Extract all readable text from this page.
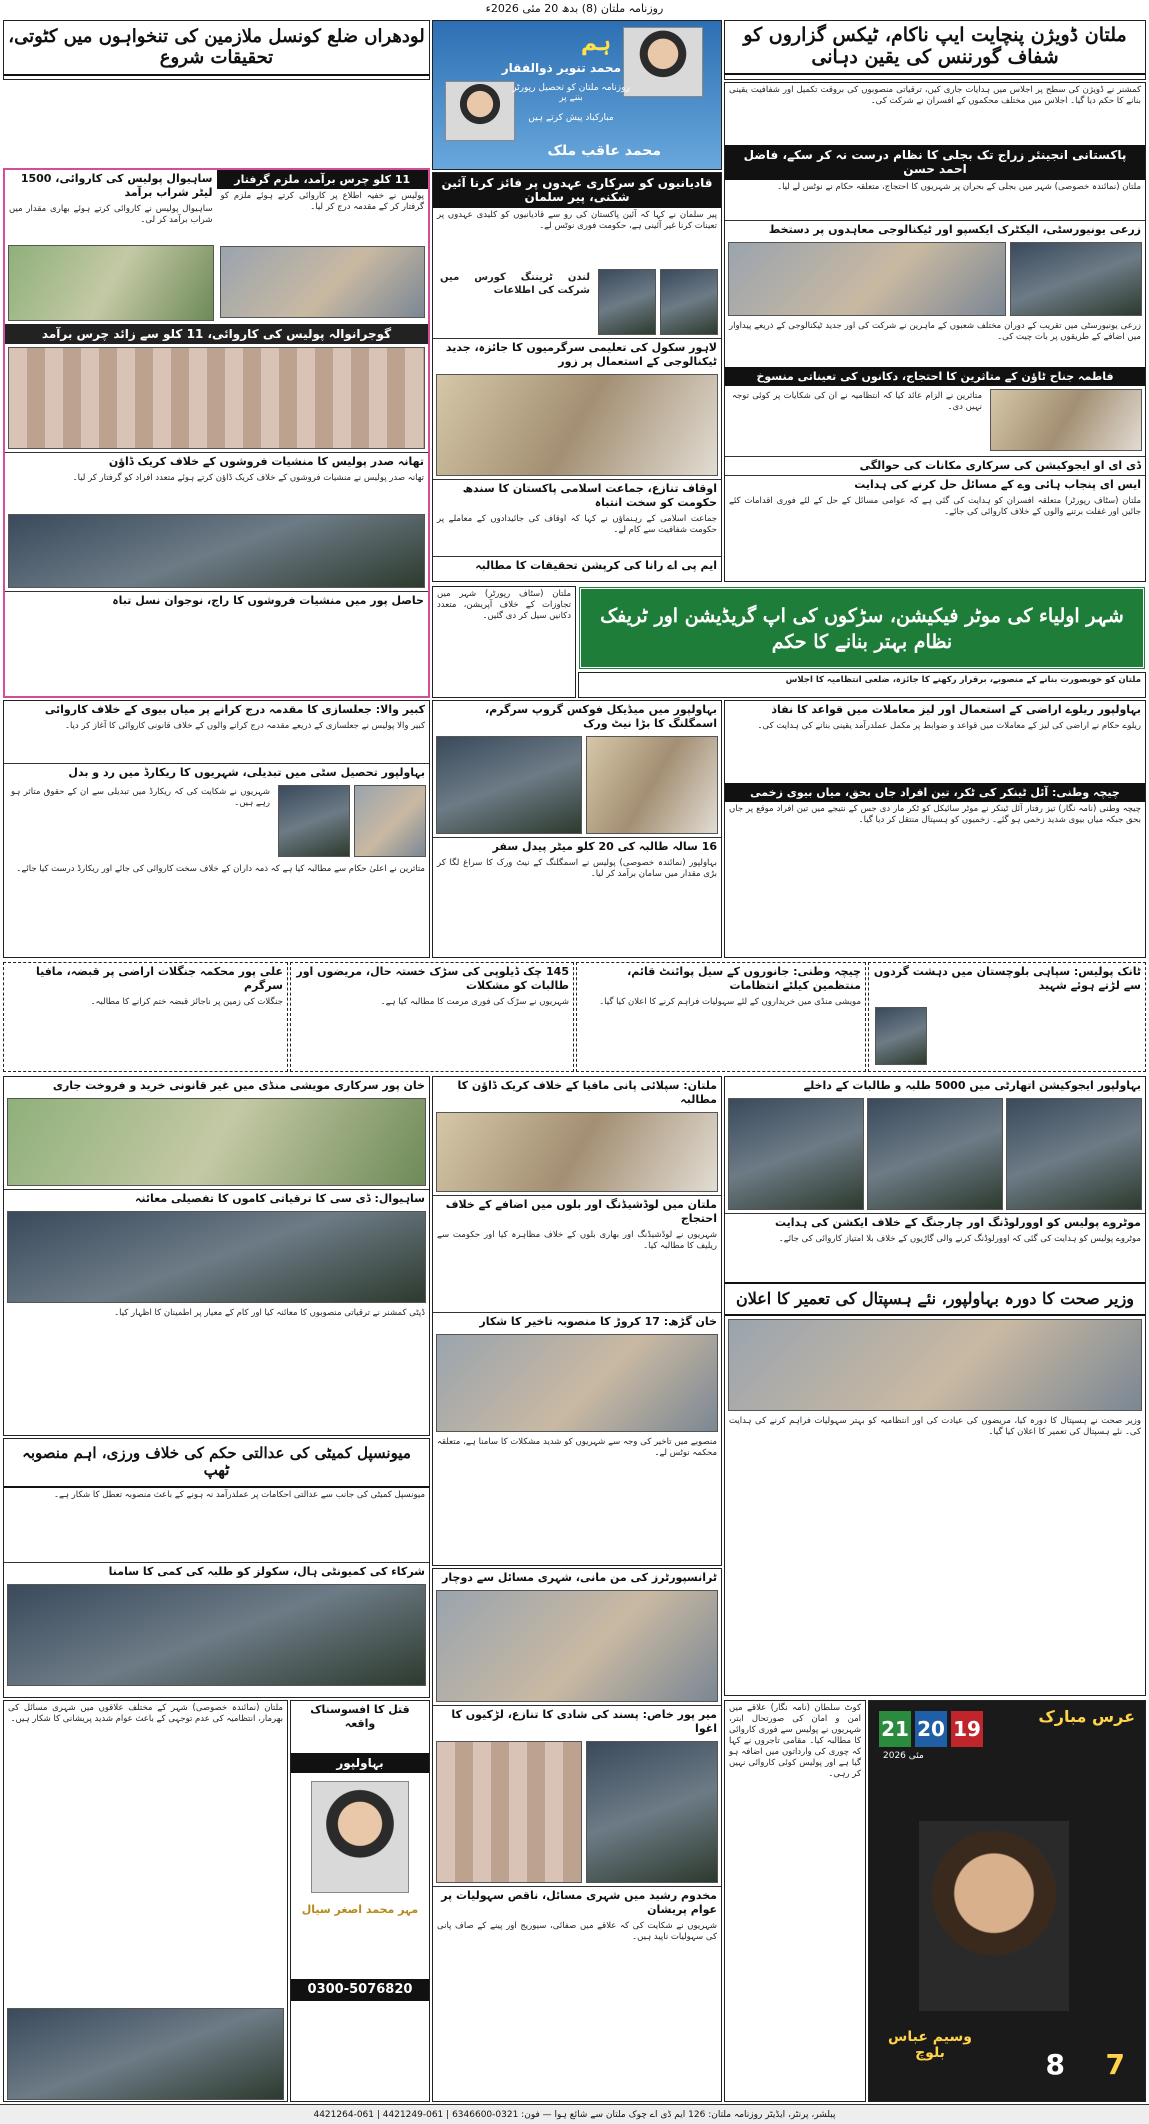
روزنامہ ملتان (8) بدھ 20 مئی 2026ء
ملتان ڈویژن پنچایت ایپ ناکام، ٹیکس گزاروں کو شفاف گورننس کی یقین دہانی
ہم
محمد تنویر ذوالفقار
روزنامہ ملتان کو تحصیل رپورٹر بننے پر
مبارکباد پیش کرتے ہیں
محمد عاقب ملک
لودھراں ضلع کونسل ملازمین کی تنخواہوں میں کٹوتی، تحقیقات شروع
کمشنر نے ڈویژن کی سطح پر اجلاس میں ہدایات جاری کیں، ترقیاتی منصوبوں کی بروقت تکمیل اور شفافیت یقینی بنانے کا حکم دیا گیا۔ اجلاس میں مختلف محکموں کے افسران نے شرکت کی۔
پاکستانی انجینئر زراج تک بجلی کا نظام درست نہ کر سکے، فاضل احمد حسن
ملتان (نمائندہ خصوصی) شہر میں بجلی کے بحران پر شہریوں کا احتجاج، متعلقہ حکام نے نوٹس لے لیا۔
زرعی یونیورسٹی، الیکٹرک ایکسپو اور ٹیکنالوجی معاہدوں پر دستخط
زرعی یونیورسٹی میں تقریب کے دوران مختلف شعبوں کے ماہرین نے شرکت کی اور جدید ٹیکنالوجی کے ذریعے پیداوار میں اضافے کے طریقوں پر بات چیت کی۔
فاطمہ جناح ٹاؤن کے متاثرین کا احتجاج، دکانوں کی تعیناتی منسوخ
متاثرین نے الزام عائد کیا کہ انتظامیہ نے ان کی شکایات پر کوئی توجہ نہیں دی۔
ڈی ای او ایجوکیشن کی سرکاری مکانات کی حوالگی
ایس ای پنجاب ہائی وے کے مسائل حل کرنے کی ہدایت
ملتان (سٹاف رپورٹر) متعلقہ افسران کو ہدایت کی گئی ہے کہ عوامی مسائل کے حل کے لئے فوری اقدامات کئے جائیں اور غفلت برتنے والوں کے خلاف کاروائی کی جائے۔
قادیانیوں کو سرکاری عہدوں پر فائز کرنا آئین شکنی، پیر سلمان
پیر سلمان نے کہا کہ آئین پاکستان کی رو سے قادیانیوں کو کلیدی عہدوں پر تعینات کرنا غیر آئینی ہے، حکومت فوری نوٹس لے۔
لندن ٹریننگ کورس میں شرکت کی اطلاعات
لاہور سکول کی تعلیمی سرگرمیوں کا جائزہ، جدید ٹیکنالوجی کے استعمال پر زور
اوقاف تنازع، جماعت اسلامی پاکستان کا سندھ حکومت کو سخت انتباہ
جماعت اسلامی کے رہنماؤں نے کہا کہ اوقاف کی جائیدادوں کے معاملے پر حکومت شفافیت سے کام لے۔
ایم پی اے رانا کی کرپشن تحقیقات کا مطالبہ
11 کلو چرس برآمد، ملزم گرفتار
پولیس نے خفیہ اطلاع پر کاروائی کرتے ہوئے ملزم کو گرفتار کر کے مقدمہ درج کر لیا۔
ساہیوال پولیس کی کاروائی، 1500 لیٹر شراب برآمد
ساہیوال پولیس نے کاروائی کرتے ہوئے بھاری مقدار میں شراب برآمد کر لی۔
گوجرانوالہ پولیس کی کاروائی، 11 کلو سے زائد چرس برآمد
تھانہ صدر پولیس کا منشیات فروشوں کے خلاف کریک ڈاؤن
تھانہ صدر پولیس نے منشیات فروشوں کے خلاف کریک ڈاؤن کرتے ہوئے متعدد افراد کو گرفتار کر لیا۔
حاصل پور میں منشیات فروشوں کا راج، نوجوان نسل تباہ
شہر اولیاء کی موٹر فیکیشن، سڑکوں کی اپ گریڈیشن اور ٹریفک نظام بہتر بنانے کا حکم
ملتان (سٹاف رپورٹر) شہر میں تجاوزات کے خلاف آپریشن، متعدد دکانیں سیل کر دی گئیں۔
ملتان کو خوبصورت بنانے کے منصوبے، برقرار رکھنے کا جائزہ، ضلعی انتظامیہ کا اجلاس
بہاولپور ریلوے اراضی کے استعمال اور لیز معاملات میں قواعد کا نفاذ
ریلوے حکام نے اراضی کی لیز کے معاملات میں قواعد و ضوابط پر مکمل عملدرآمد یقینی بنانے کی ہدایت کی۔
چیچہ وطنی: آئل ٹینکر کی ٹکر، تین افراد جاں بحق، میاں بیوی زخمی
چیچہ وطنی (نامہ نگار) تیز رفتار آئل ٹینکر نے موٹر سائیکل کو ٹکر مار دی جس کے نتیجے میں تین افراد موقع پر جاں بحق جبکہ میاں بیوی شدید زخمی ہو گئے۔ زخمیوں کو ہسپتال منتقل کر دیا گیا۔
بہاولپور میں میڈیکل فوکس گروپ سرگرم، اسمگلنگ کا بڑا نیٹ ورک
16 سالہ طالبہ کی 20 کلو میٹر پیدل سفر
بہاولپور (نمائندہ خصوصی) پولیس نے اسمگلنگ کے نیٹ ورک کا سراغ لگا کر بڑی مقدار میں سامان برآمد کر لیا۔
کبیر والا: جعلسازی کا مقدمہ درج کرانے پر میاں بیوی کے خلاف کاروائی
کبیر والا پولیس نے جعلسازی کے ذریعے مقدمہ درج کرانے والوں کے خلاف قانونی کاروائی کا آغاز کر دیا۔
بہاولپور تحصیل سٹی میں تبدیلی، شہریوں کا ریکارڈ میں رد و بدل
شہریوں نے شکایت کی کہ ریکارڈ میں تبدیلی سے ان کے حقوق متاثر ہو رہے ہیں۔
متاثرین نے اعلیٰ حکام سے مطالبہ کیا ہے کہ ذمہ داران کے خلاف سخت کاروائی کی جائے اور ریکارڈ درست کیا جائے۔
ٹانک پولیس: سپاہی بلوچستان میں دہشت گردوں سے لڑتے ہوئے شہید
چیچہ وطنی: جانوروں کے سیل پوائنٹ قائم، منتظمین کیلئے انتظامات
مویشی منڈی میں خریداروں کے لئے سہولیات فراہم کرنے کا اعلان کیا گیا۔
145 چک ڈیلوپی کی سڑک خستہ حال، مریضوں اور طالبات کو مشکلات
شہریوں نے سڑک کی فوری مرمت کا مطالبہ کیا ہے۔
علی پور محکمہ جنگلات اراضی پر قبضہ، مافیا سرگرم
جنگلات کی زمین پر ناجائز قبضہ ختم کرانے کا مطالبہ۔
بہاولپور ایجوکیشن اتھارٹی میں 5000 طلبہ و طالبات کے داخلے
موٹروے پولیس کو اوورلوڈنگ اور چارجنگ کے خلاف ایکشن کی ہدایت
موٹروے پولیس کو ہدایت کی گئی کہ اوورلوڈنگ کرنے والی گاڑیوں کے خلاف بلا امتیاز کاروائی کی جائے۔
وزیر صحت کا دورہ بہاولپور، نئے ہسپتال کی تعمیر کا اعلان
وزیر صحت نے ہسپتال کا دورہ کیا، مریضوں کی عیادت کی اور انتظامیہ کو بہتر سہولیات فراہم کرنے کی ہدایت کی۔ نئے ہسپتال کی تعمیر کا اعلان کیا گیا۔
ملتان: سپلائی پانی مافیا کے خلاف کریک ڈاؤن کا مطالبہ
ملتان میں لوڈشیڈنگ اور بلوں میں اضافے کے خلاف احتجاج
شہریوں نے لوڈشیڈنگ اور بھاری بلوں کے خلاف مظاہرہ کیا اور حکومت سے ریلیف کا مطالبہ کیا۔
خان گڑھ: 17 کروڑ کا منصوبہ تاخیر کا شکار
منصوبے میں تاخیر کی وجہ سے شہریوں کو شدید مشکلات کا سامنا ہے، متعلقہ محکمہ نوٹس لے۔
خان پور سرکاری مویشی منڈی میں غیر قانونی خرید و فروخت جاری
ساہیوال: ڈی سی کا ترقیاتی کاموں کا تفصیلی معائنہ
ڈپٹی کمشنر نے ترقیاتی منصوبوں کا معائنہ کیا اور کام کے معیار پر اطمینان کا اظہار کیا۔
میونسپل کمیٹی کی عدالتی حکم کی خلاف ورزی، اہم منصوبہ ٹھپ
میونسپل کمیٹی کی جانب سے عدالتی احکامات پر عملدرآمد نہ ہونے کے باعث منصوبہ تعطل کا شکار ہے۔
شرکاء کی کمیونٹی ہال، سکولز کو طلبہ کی کمی کا سامنا	ٹرانسپورٹرز کی من مانی، شہری مسائل سے دوچار
میر پور خاص: پسند کی شادی کا تنازع، لڑکیوں کا اغوا
مخدوم رشید میں شہری مسائل، ناقص سہولیات پر عوام پریشان
شہریوں نے شکایت کی کہ علاقے میں صفائی، سیوریج اور پینے کے صاف پانی کی سہولیات ناپید ہیں۔
قتل کا افسوسناک واقعہ
بہاولپور
مہر محمد اصغر سیال
0300-5076820
ملتان (نمائندہ خصوصی) شہر کے مختلف علاقوں میں شہری مسائل کی بھرمار، انتظامیہ کی عدم توجہی کے باعث عوام شدید پریشانی کا شکار ہیں۔	عرس مبارک
19
20
21
مئی 2026
وسیم عباس بلوچ	7
8
کوٹ سلطان (نامہ نگار) علاقے میں امن و امان کی صورتحال ابتر، شہریوں نے پولیس سے فوری کاروائی کا مطالبہ کیا۔ مقامی تاجروں نے کہا کہ چوری کی وارداتوں میں اضافہ ہو گیا ہے اور پولیس کوئی کاروائی نہیں کر رہی۔
پبلشر، پرنٹر، ایڈیٹر روزنامہ ملتان: 126 ایم ڈی اے چوک ملتان سے شائع ہوا — فون: 0321-6346600 | 061-4421249 | 061-4421264
